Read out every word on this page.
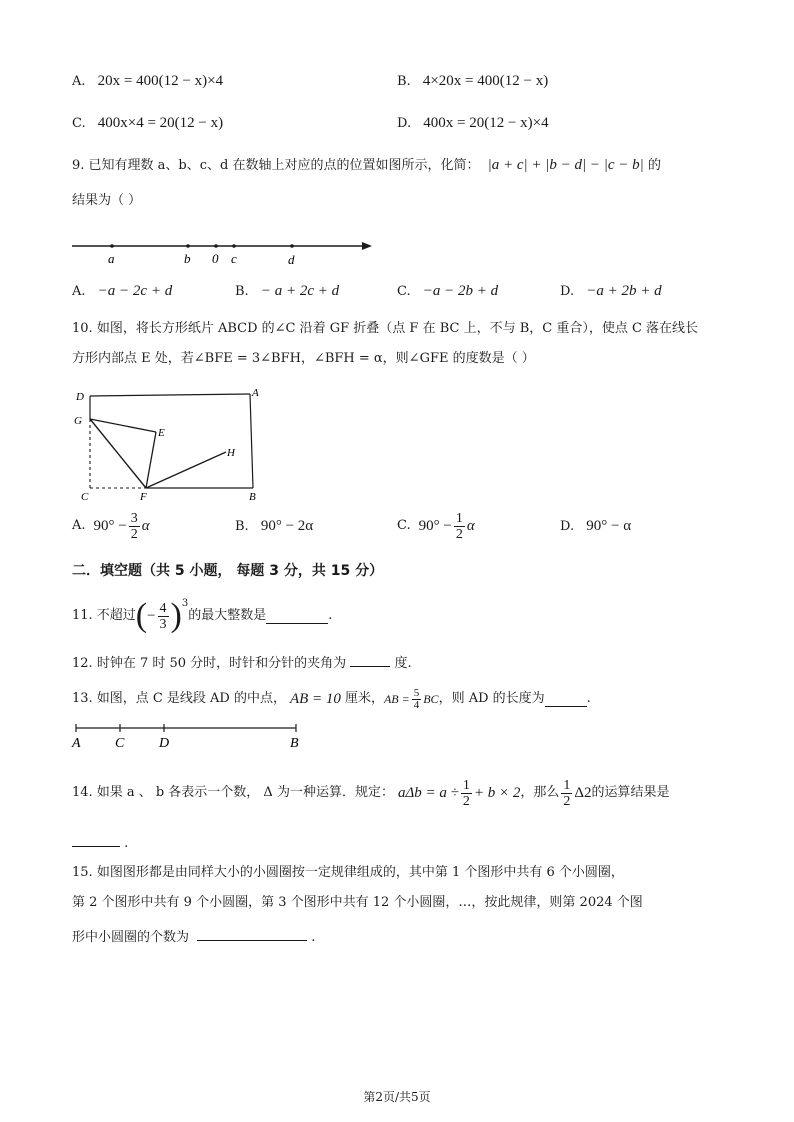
A. 20x = 400(12 − x)×4	B. 4×20x = 400(12 − x)
C. 400x×4 = 20(12 − x)	D. 400x = 20(12 − x)×4
9. 已知有理数 a、b、c、d 在数轴上对应的点的位置如图所示，化简： |a + c| + |b − d| − |c − b| 的
结果为（ ）
a	b 0 c	d
A. −a − 2c + d	B. − a + 2c + d	C. −a − 2b + d	D. −a + 2b + d
10. 如图，将长方形纸片 ABCD 的∠C 沿着 GF 折叠（点 F 在 BC 上，不与 B，C 重合），使点 C 落在线长
方形内部点 E 处，若∠BFE = 3∠BFH，∠BFH = α，则∠GFE 的度数是（ ）
D	A
G
E
H
C	F	B
A. $90^\circ - \frac{3}{2}$ α	B. 90° − 2α	C. $90^\circ - \frac{1}{2}$ α	D. 90° − α
二．填空题（共 5 小题， 每题 3 分，共 15 分）
11. 不超过 ( − $\frac{4}{3}$ ) 3
的最大整数是	.
12. 时钟在 7 时 50 分时，时针和分针的夹角为	度.
13. 如图，点 C 是线段 AD 的中点， AB = 10 厘米， AB = $\frac{5}{4}$ BC ，则 AD 的长度为	.
A C D	B
14. 如果 a 、 b 各表示一个数， Δ 为一种运算．规定： $a\Delta b = a \div \frac{1}{2} + b \times 2$ ，那么 $\frac{1}{2} \Delta 2$ 的运算结果是
.
15. 如图图形都是由同样大小的小圆圈按一定规律组成的，其中第 1 个图形中共有 6 个小圆圈，
第 2 个图形中共有 9 个小圆圈，第 3 个图形中共有 12 个小圆圈，…，按此规律，则第 2024 个图
形中小圆圈的个数为	.
第2页/共5页
